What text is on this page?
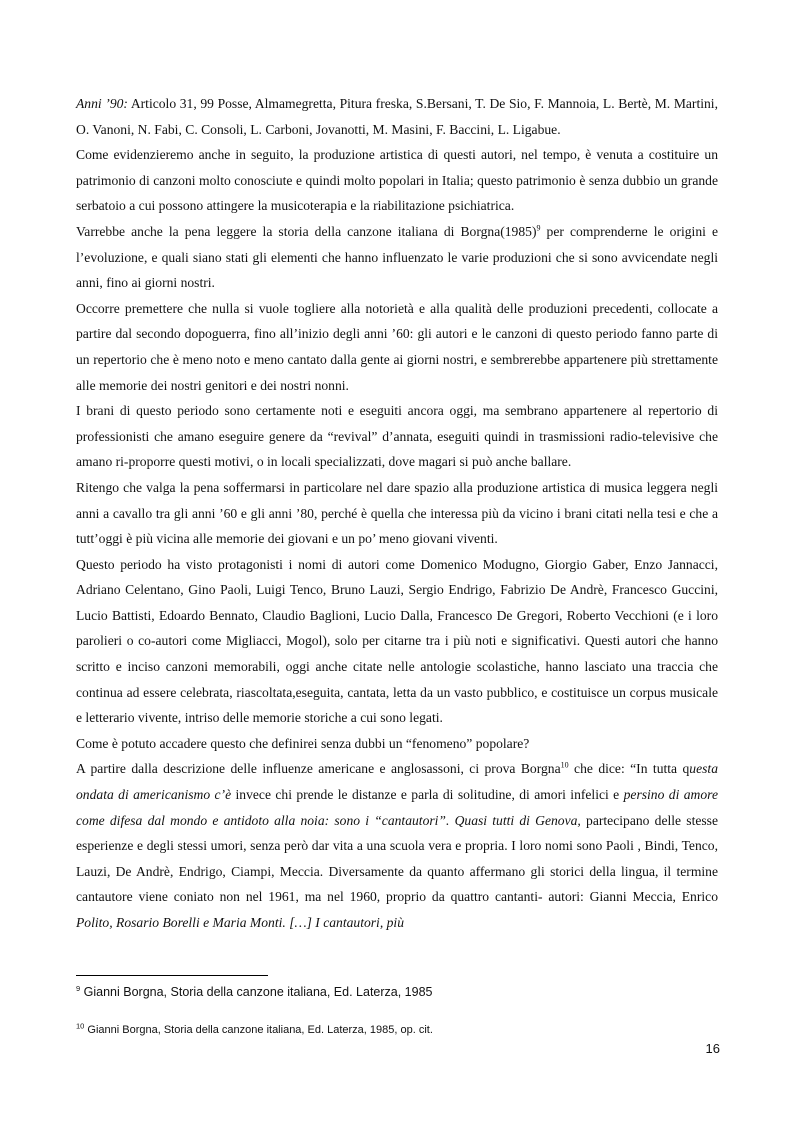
Anni ’90: Articolo 31, 99 Posse, Almamegretta, Pitura freska, S.Bersani, T. De Sio, F. Mannoia, L. Bertè, M. Martini, O. Vanoni, N. Fabi, C. Consoli, L. Carboni, Jovanotti, M. Masini, F. Baccini, L. Ligabue.

Come evidenzieremo anche in seguito, la produzione artistica di questi autori, nel tempo, è venuta a costituire un patrimonio di canzoni molto conosciute e quindi molto popolari in Italia; questo patrimonio è senza dubbio un grande serbatoio a cui possono attingere la musicoterapia e la riabilitazione psichiatrica.

Varrebbe anche la pena leggere la storia della canzone italiana di $Borgna(1985)^9$ per comprenderne le origini e l’evoluzione, e quali siano stati gli elementi che hanno influenzato le varie produzioni che si sono avvicendate negli anni, fino ai giorni nostri.

Occorre premettere che nulla si vuole togliere alla notorietà e alla qualità delle produzioni precedenti, collocate a partire dal secondo dopoguerra, fino all’inizio degli anni ’60: gli autori e le canzoni di questo periodo fanno parte di un repertorio che è meno noto e meno cantato dalla gente ai giorni nostri, e sembrerebbe appartenere più strettamente alle memorie dei nostri genitori e dei nostri nonni.

I brani di questo periodo sono certamente noti e eseguiti ancora oggi, ma sembrano appartenere al repertorio di professionisti che amano eseguire genere da “revival” d’annata, eseguiti quindi in trasmissioni radio-televisive che amano ri-proporre questi motivi, o in locali specializzati, dove magari si può anche ballare.

Ritengo che valga la pena soffermarsi in particolare nel dare spazio alla produzione artistica di musica leggera negli anni a cavallo tra gli anni ’60 e gli anni ’80, perché è quella che interessa più da vicino i brani citati nella tesi e che a tutt’oggi è più vicina alle memorie dei giovani e un po’ meno giovani viventi.

Questo periodo ha visto protagonisti i nomi di autori come Domenico Modugno, Giorgio Gaber, Enzo Jannacci, Adriano Celentano, Gino Paoli, Luigi Tenco, Bruno Lauzi, Sergio Endrigo, Fabrizio De Andrè, Francesco Guccini, Lucio Battisti, Edoardo Bennato, Claudio Baglioni, Lucio Dalla, Francesco De Gregori, Roberto Vecchioni (e i loro parolieri o co-autori come Migliacci, Mogol), solo per citarne tra i più noti e significativi. Questi autori che hanno scritto e inciso canzoni memorabili, oggi anche citate nelle antologie scolastiche, hanno lasciato una traccia che continua ad essere celebrata, riascoltata,eseguita, cantata, letta da un vasto pubblico, e costituisce un corpus musicale e letterario vivente, intriso delle memorie storiche a cui sono legati.

Come è potuto accadere questo che definirei senza dubbi un “fenomeno” popolare?

A partire dalla descrizione delle influenze americane e anglosassoni, ci prova Borgna$^{10}$ che dice: “In tutta questa ondata di americanismo c’è invece chi prende le distanze e parla di solitudine, di amori infelici e persino di amore come difesa dal mondo e antidoto alla noia: sono i “cantautori”. Quasi tutti di Genova, partecipano delle stesse esperienze e degli stessi umori, senza però dar vita a una scuola vera e propria. I loro nomi sono Paoli , Bindi, Tenco, Lauzi, De Andrè, Endrigo, Ciampi, Meccia. Diversamente da quanto affermano gli storici della lingua, il termine cantautore viene coniato non nel 1961, ma nel 1960, proprio da quattro cantanti- autori: Gianni Meccia, Enrico Polito, Rosario Borelli e Maria Monti. […] I cantautori, più

$^9$ Gianni Borgna, Storia della canzone italiana, Ed. Laterza, 1985
$^{10}$ Gianni Borgna, Storia della canzone italiana, Ed. Laterza, 1985, op. cit.
16
